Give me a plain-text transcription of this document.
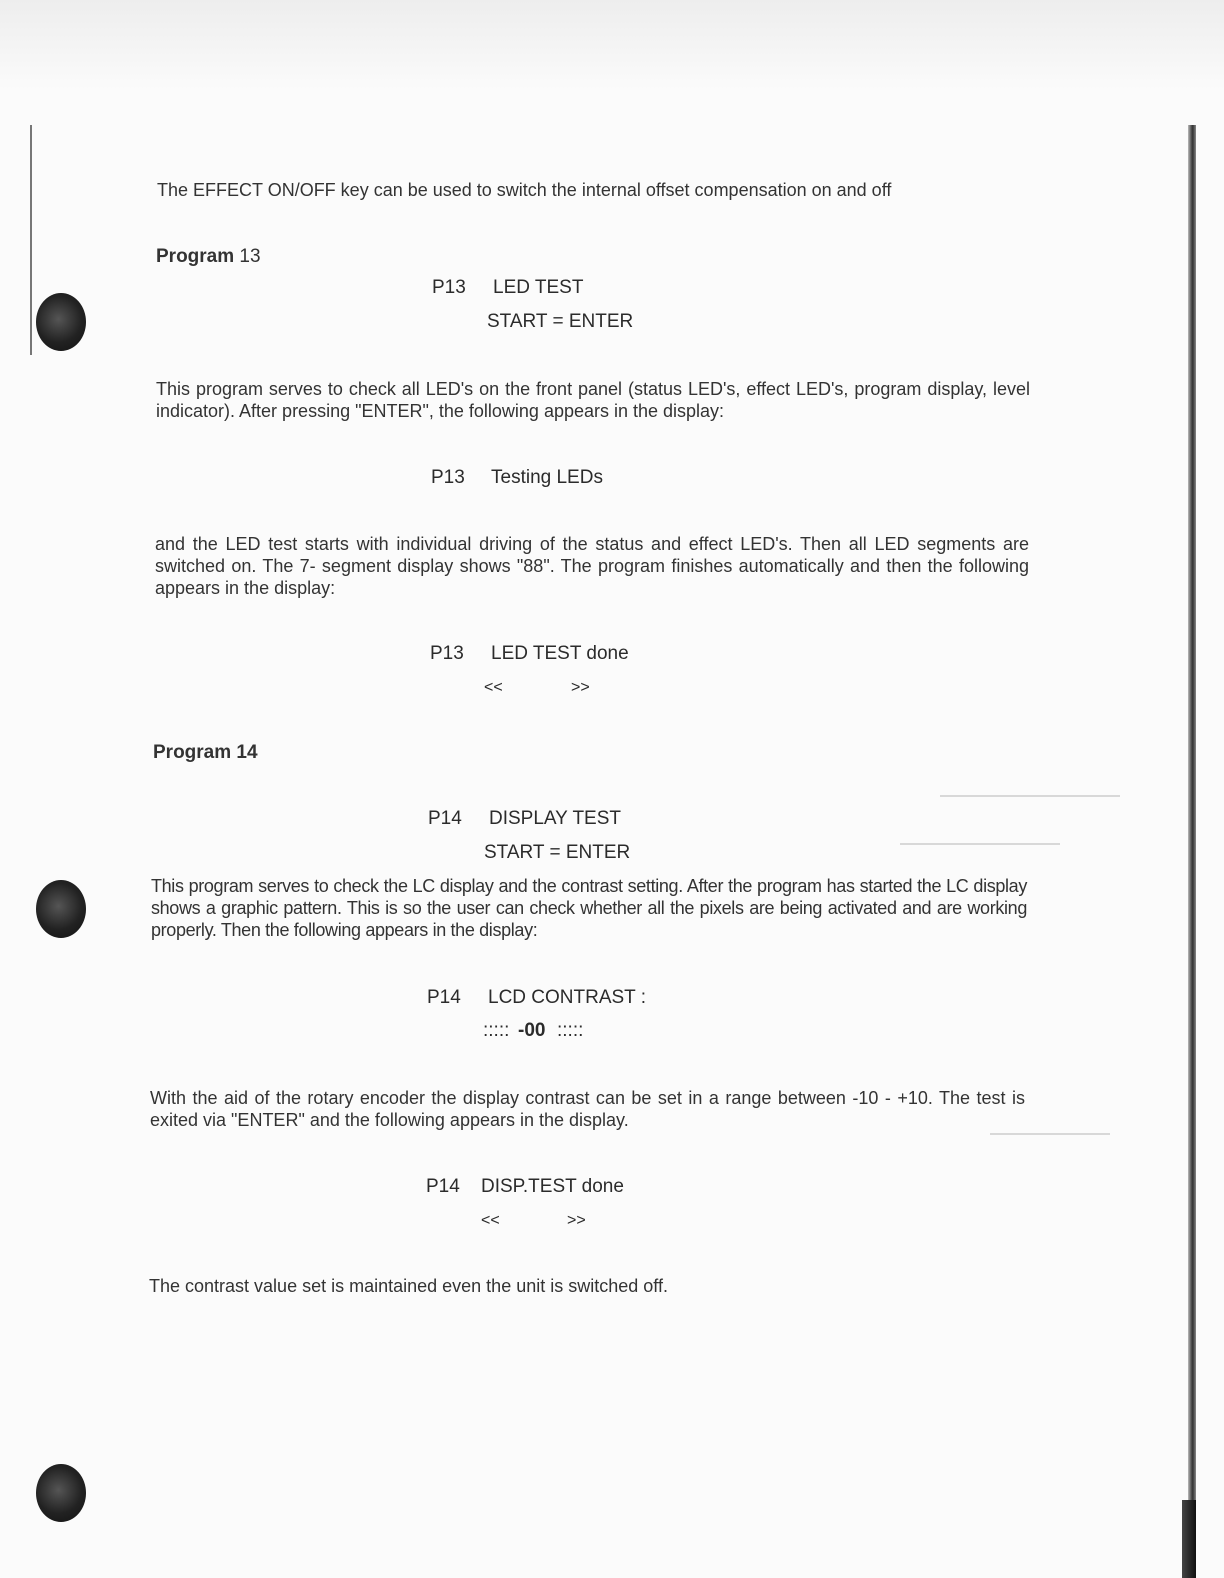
The EFFECT ON/OFF key can be used to switch the internal offset compensation on and off

Program 13

P13 LED TEST
START = ENTER

This program serves to check all LED's on the front panel (status LED's, effect LED's, program display, level indicator). After pressing "ENTER", the following appears in the display:

P13 Testing LEDs

and the LED test starts with individual driving of the status and effect LED's. Then all LED segments are switched on. The 7- segment display shows "88". The program finishes automatically and then the following appears in the display:

P13 LED TEST done
<<	>>

Program 14

P14 DISPLAY TEST
START = ENTER

This program serves to check the LC display and the contrast setting. After the program has started the LC display shows a graphic pattern. This is so the user can check whether all the pixels are being activated and are working properly. Then the following appears in the display:

P14 LCD CONTRAST :
::::: -00 :::::

With the aid of the rotary encoder the display contrast can be set in a range between -10 - +10. The test is exited via "ENTER" and the following appears in the display.

P14 DISP.TEST done
<<	>>

The contrast value set is maintained even the unit is switched off.
